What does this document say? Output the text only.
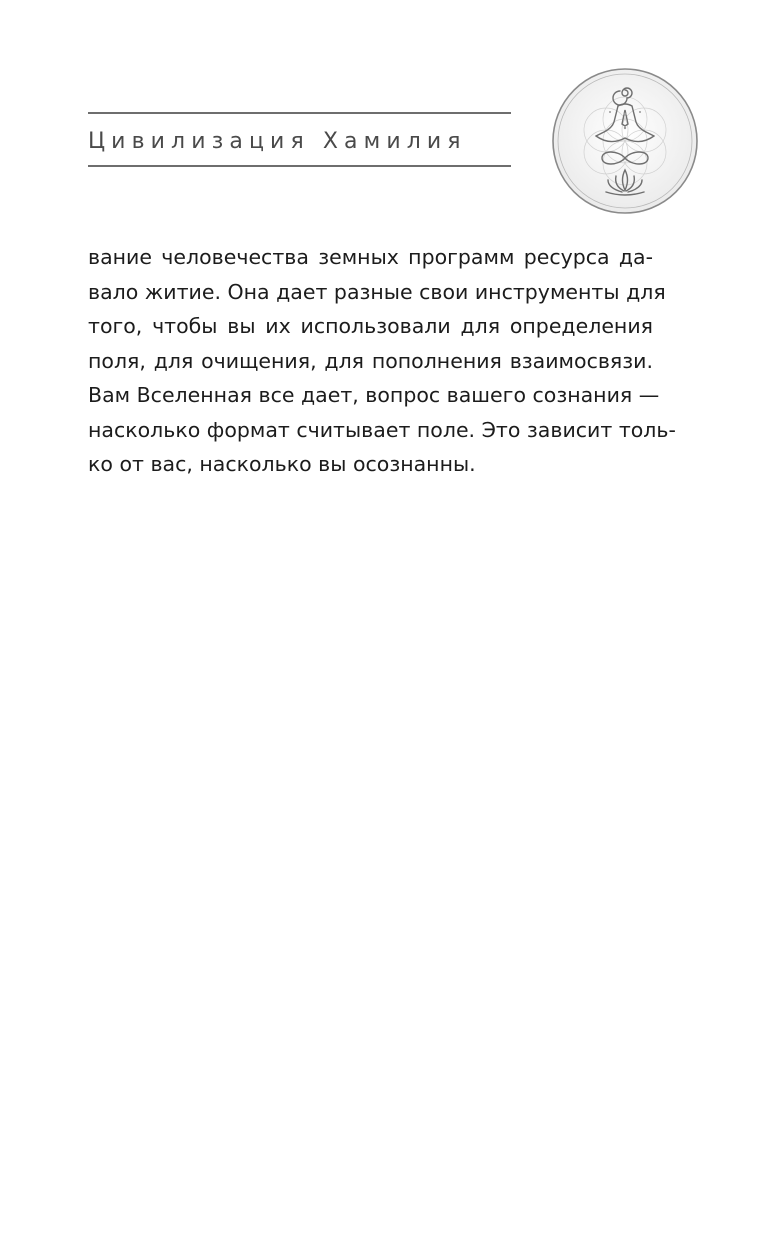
Цивилизация Хамилия
вание человечества земных программ ресурса да-
вало житие. Она дает разные свои инструменты для
того, чтобы вы их использовали для определения
поля, для очищения, для пополнения взаимосвязи.
Вам Вселенная все дает, вопрос вашего сознания —
насколько формат считывает поле. Это зависит толь-
ко от вас, насколько вы осознанны.
